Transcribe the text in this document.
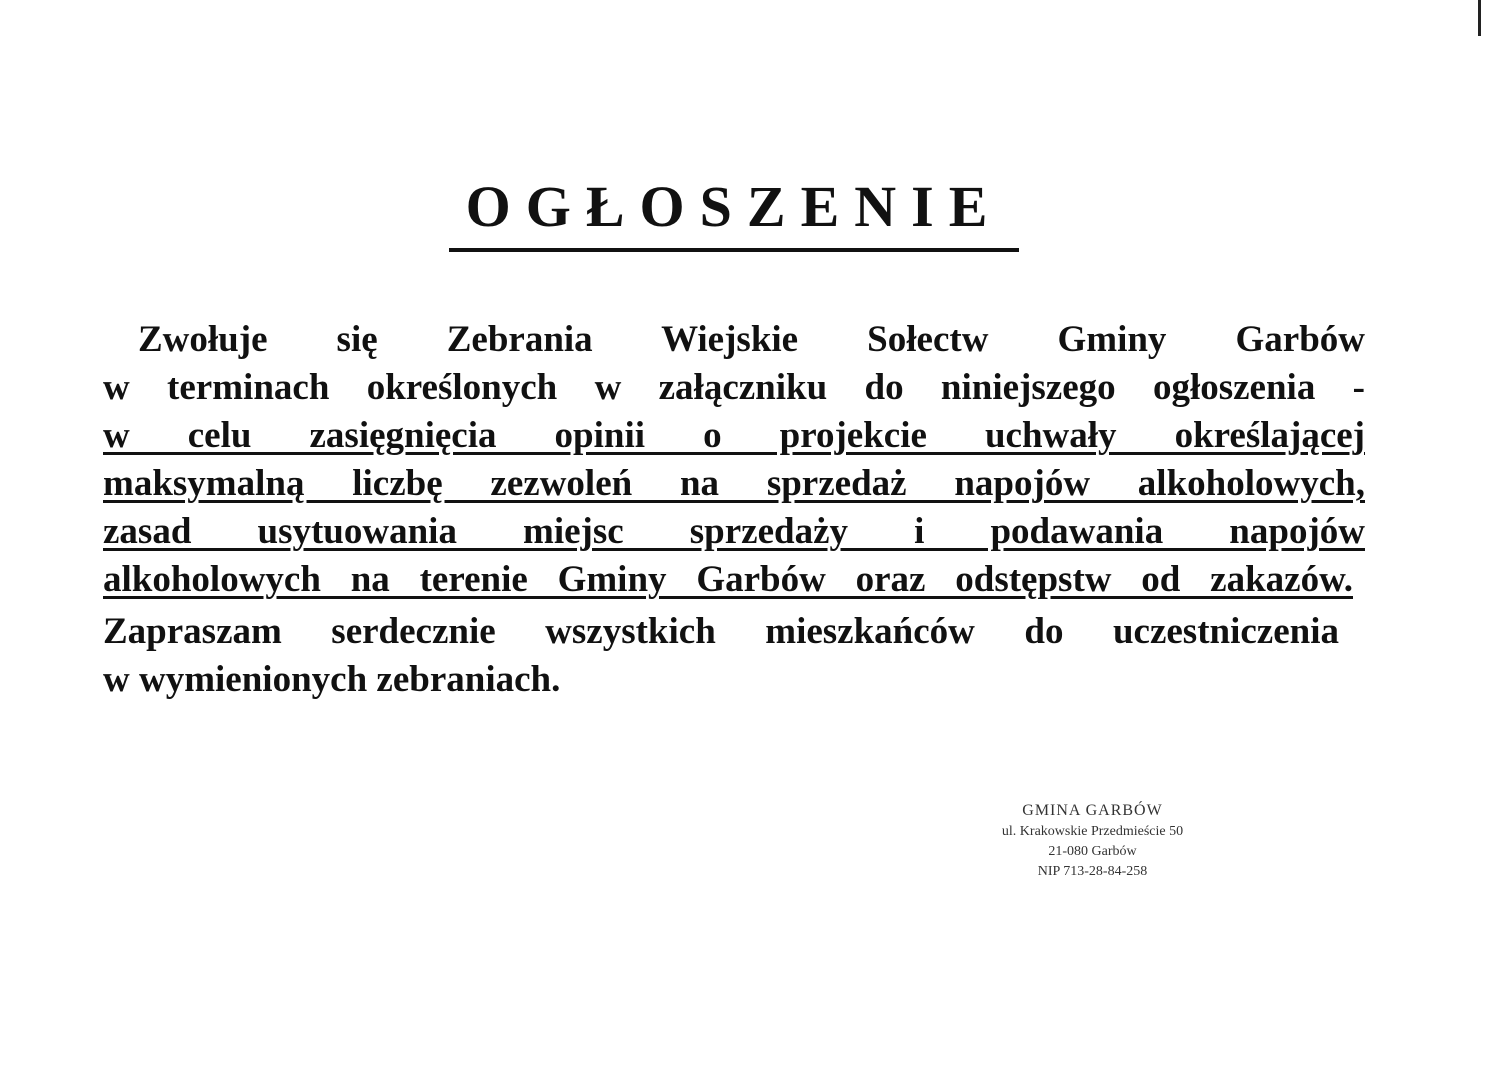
OGŁOSZENIE
Zwołuje się Zebrania Wiejskie Sołectw Gminy Garbów
w terminach określonych w załączniku do niniejszego ogłoszenia -
w celu zasięgnięcia opinii o projekcie uchwały określającej
maksymalną liczbę zezwoleń na sprzedaż napojów alkoholowych,
zasad usytuowania miejsc sprzedaży i podawania napojów
alkoholowych na terenie Gminy Garbów oraz odstępstw od zakazów.
Zapraszam serdecznie wszystkich mieszkańców do uczestniczenia
w wymienionych zebraniach.
GMINA GARBÓW
ul. Krakowskie Przedmieście 50
21-080 Garbów
NIP 713-28-84-258
